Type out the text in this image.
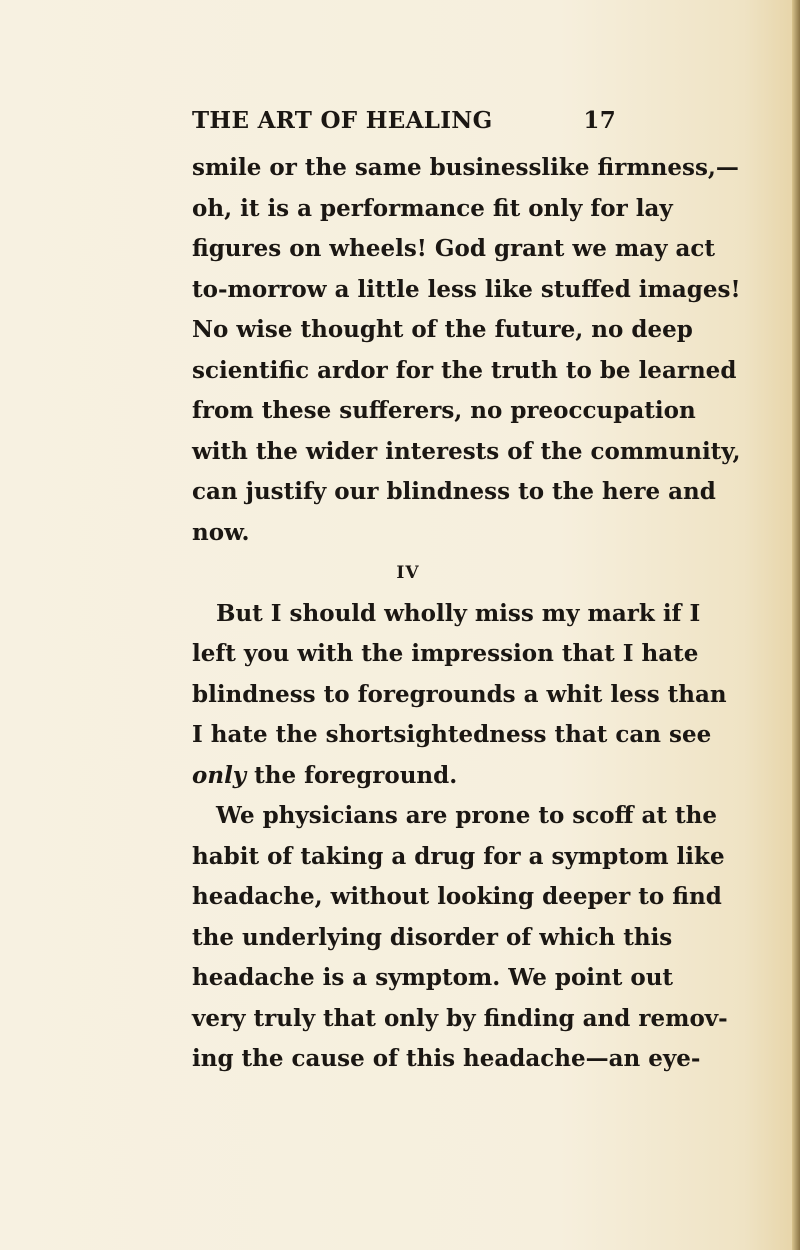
THE ART OF HEALING	17
smile or the same businesslike firmness,—
oh, it is a performance fit only for lay
figures on wheels! God grant we may act
to-morrow a little less like stuffed images!
No wise thought of the future, no deep
scientific ardor for the truth to be learned
from these sufferers, no preoccupation
with the wider interests of the community,
can justify our blindness to the here and
now.
IV
But I should wholly miss my mark if I
left you with the impression that I hate
blindness to foregrounds a whit less than
I hate the shortsightedness that can see
only the foreground.
We physicians are prone to scoff at the
habit of taking a drug for a symptom like
headache, without looking deeper to find
the underlying disorder of which this
headache is a symptom. We point out
very truly that only by finding and remov-
ing the cause of this headache—an eye-
